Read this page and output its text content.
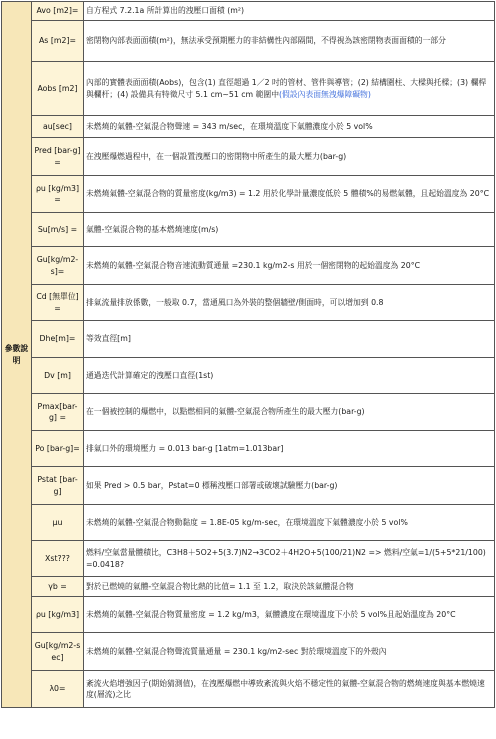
參數說明	Avo [m2]=	自方程式 7.2.1a 所計算出的洩壓口面積 (m²)
	As [m2]=	密閉物內部表面面積(m²)，無法承受預期壓力的非結構性內部隔間，不得視為該密閉物表面面積的一部分
	Aobs [m2]	內部的實體表面面積(Aobs)，包含(1) 直徑超過 1／2 吋的管材、管件與導管；(2) 結構圍柱、大樑與托樑；(3) 欄桿與欄杆；(4) 設備具有特徵尺寸 5.1 cm~51 cm 範圍中(假設內表面無洩爆障礙物)
	au[sec]	未燃燒的氣體-空氣混合物聲速 = 343 m/sec，在環境溫度下氣體濃度小於 5 vol%
	Pred [bar-g] =	在洩壓爆燃過程中，在一個設置洩壓口的密閉物中所產生的最大壓力(bar-g)
	ρu [kg/m3]=	未燃燒氣體-空氣混合物的質量密度(kg/m3) = 1.2 用於化學計量濃度低於 5 體積%的易燃氣體，且起始溫度為 20°C
	Su[m/s] =	氣體-空氣混合物的基本燃燒速度(m/s)
	Gu[kg/m2-s]=	未燃燒的氣體-空氣混合物音速流動質通量 =230.1 kg/m2-s 用於一個密閉物的起始溫度為 20°C
	Cd [無單位]=	排氣流量排放係數，一般取 0.7，當通風口為外裝的整個牆壁/側面時，可以增加到 0.8
	Dhe[m]=	等效直徑[m]
	Dv [m]	通過迭代計算確定的洩壓口直徑(1st)
	Pmax[bar-g] =	在一個被控制的爆燃中，以點燃相同的氣體-空氣混合物所產生的最大壓力(bar-g)
	Po [bar-g]=	排氣口外的環境壓力 = 0.013 bar-g [1atm=1.013bar]
	Pstat [bar-g]	如果 Pred > 0.5 bar，Pstat=0 標稱洩壓口部署或破壞試驗壓力(bar-g)
	μu	未燃燒的氣體-空氣混合物動黏度 = 1.8E-05 kg/m-sec，在環境溫度下氣體濃度小於 5 vol%
	Xst???	燃料/空氣當量體積比，C3H8＋5O2+5(3.7)N2→3CO2＋4H2O+5(100/21)N2 => 燃料/空氣=1/(5+5*21/100)=0.0418?
	γb =	對於已燃燒的氣體-空氣混合物比熱的比值= 1.1 至 1.2，取決於該氣體混合物
	ρu [kg/m3]	未燃燒的氣體-空氣混合物質量密度 = 1.2 kg/m3，氣體濃度在環境溫度下小於 5 vol%且起始溫度為 20°C
	Gu[kg/m2-sec]	未燃燒的氣體-空氣混合物聲流質量通量 = 230.1 kg/m2-sec 對於環境溫度下的外殼內
	λ0=	紊流火焰增強因子(期始猜測值)，在洩壓爆燃中導致紊流與火焰不穩定性的氣體-空氣混合物的燃燒速度與基本燃燒速度(層流)之比
